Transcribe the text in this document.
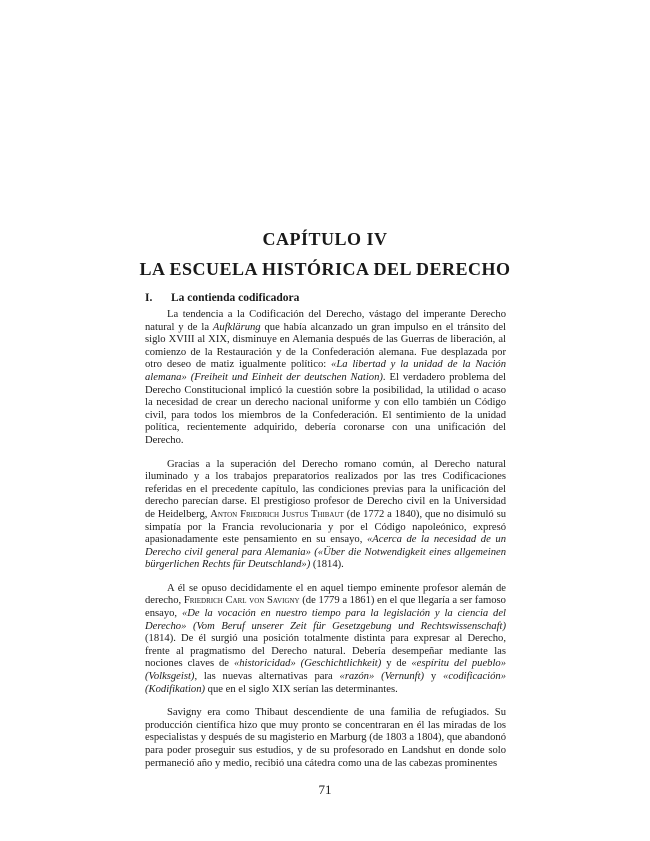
CAPÍTULO IV
LA ESCUELA HISTÓRICA DEL DERECHO
I. La contienda codificadora

La tendencia a la Codificación del Derecho, vástago del imperante Derecho natural y de la Aufklärung que había alcanzado un gran impulso en el tránsito del siglo XVIII al XIX, disminuye en Alemania después de las Guerras de liberación, al comienzo de la Restauración y de la Confederación alemana. Fue desplazada por otro deseo de matiz igualmente político: «La libertad y la unidad de la Nación alemana» (Freiheit und Einheit der deutschen Nation). El verdadero problema del Derecho Constitucional implicó la cuestión sobre la posibilidad, la utilidad o acaso la necesidad de crear un derecho nacional uniforme y con ello también un Código civil, para todos los miembros de la Confederación. El sentimiento de la unidad política, recientemente adquirido, debería coronarse con una unificación del Derecho.

Gracias a la superación del Derecho romano común, al Derecho natural iluminado y a los trabajos preparatorios realizados por las tres Codificaciones referidas en el precedente capítulo, las condiciones previas para la unificación del derecho parecían darse. El prestigioso profesor de Derecho civil en la Universidad de Heidelberg, Anton Friedrich Justus Thibaut (de 1772 a 1840), que no disimuló su simpatía por la Francia revolucionaria y por el Código napoleónico, expresó apasionadamente este pensamiento en su ensayo, «Acerca de la necesidad de un Derecho civil general para Alemania» («Über die Notwendigkeit eines allgemeinen bürgerlichen Rechts für Deutschland») (1814).

A él se opuso decididamente el en aquel tiempo eminente profesor alemán de derecho, Friedrich Carl von Savigny (de 1779 a 1861) en el que llegaría a ser famoso ensayo, «De la vocación en nuestro tiempo para la legislación y la ciencia del Derecho» (Vom Beruf unserer Zeit für Gesetzgebung und Rechtswissenschaft) (1814). De él surgió una posición totalmente distinta para expresar al Derecho, frente al pragmatismo del Derecho natural. Debería desempeñar mediante las nociones claves de «historicidad» (Geschichtlichkeit) y de «espíritu del pueblo» (Volksgeist), las nuevas alternativas para «razón» (Vernunft) y «codificación» (Kodifikation) que en el siglo XIX serían las determinantes.

Savigny era como Thibaut descendiente de una familia de refugiados. Su producción científica hizo que muy pronto se concentraran en él las miradas de los especialistas y después de su magisterio en Marburg (de 1803 a 1804), que abandonó para poder proseguir sus estudios, y de su profesorado en Landshut en donde solo permaneció año y medio, recibió una cátedra como una de las cabezas prominentes

71
